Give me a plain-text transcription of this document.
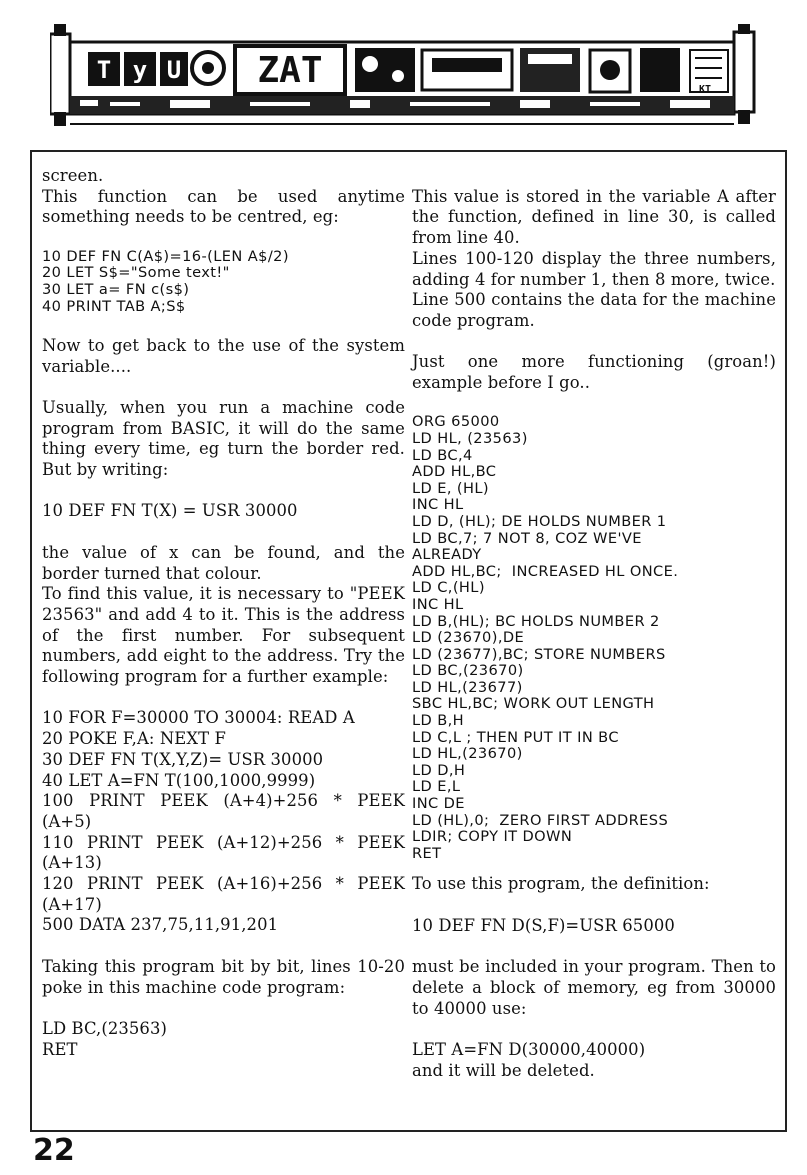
T y U	ZAT	KT
screen.
This function can be used anytime something needs to be centred, eg:
10 DEF FN C(A$)=16-(LEN A$/2)
20 LET S$="Some text!"
30 LET a= FN c(s$)
40 PRINT TAB A;S$
Now to get back to the use of the system variable....
Usually, when you run a machine code program from BASIC, it will do the same thing every time, eg turn the border red. But by writing:
10 DEF FN T(X) = USR 30000
the value of x can be found, and the border turned that colour.
To find this value, it is necessary to "PEEK 23563" and add 4 to it. This is the address of the first number. For subsequent numbers, add eight to the address. Try the following program for a further example:
10 FOR F=30000 TO 30004: READ A
20 POKE F,A: NEXT F
30 DEF FN T(X,Y,Z)= USR 30000
40 LET A=FN T(100,1000,9999)
100 PRINT PEEK (A+4)+256 * PEEK (A+5)
110 PRINT PEEK (A+12)+256 * PEEK (A+13)
120 PRINT PEEK (A+16)+256 * PEEK (A+17)
500 DATA 237,75,11,91,201
Taking this program bit by bit, lines 10-20 poke in this machine code program:
LD BC,(23563)
RET
This value is stored in the variable A after the function, defined in line 30, is called from line 40.
Lines 100-120 display the three numbers, adding 4 for number 1, then 8 more, twice.
Line 500 contains the data for the machine code program.
Just one more functioning (groan!) example before I go..
ORG 65000
LD HL, (23563)
LD BC,4
ADD HL,BC
LD E, (HL)
INC HL
LD D, (HL); DE HOLDS NUMBER 1
LD BC,7; 7 NOT 8, COZ WE'VE
ALREADY
ADD HL,BC;  INCREASED HL ONCE.
LD C,(HL)
INC HL
LD B,(HL); BC HOLDS NUMBER 2
LD (23670),DE
LD (23677),BC; STORE NUMBERS
LD BC,(23670)
LD HL,(23677)
SBC HL,BC; WORK OUT LENGTH
LD B,H
LD C,L ; THEN PUT IT IN BC
LD HL,(23670)
LD D,H
LD E,L
INC DE
LD (HL),0;  ZERO FIRST ADDRESS
LDIR; COPY IT DOWN
RET
To use this program, the definition:
10 DEF FN D(S,F)=USR 65000
must be included in your program. Then to delete a block of memory, eg from 30000 to 40000 use:
LET A=FN D(30000,40000)
and it will be deleted.
22
